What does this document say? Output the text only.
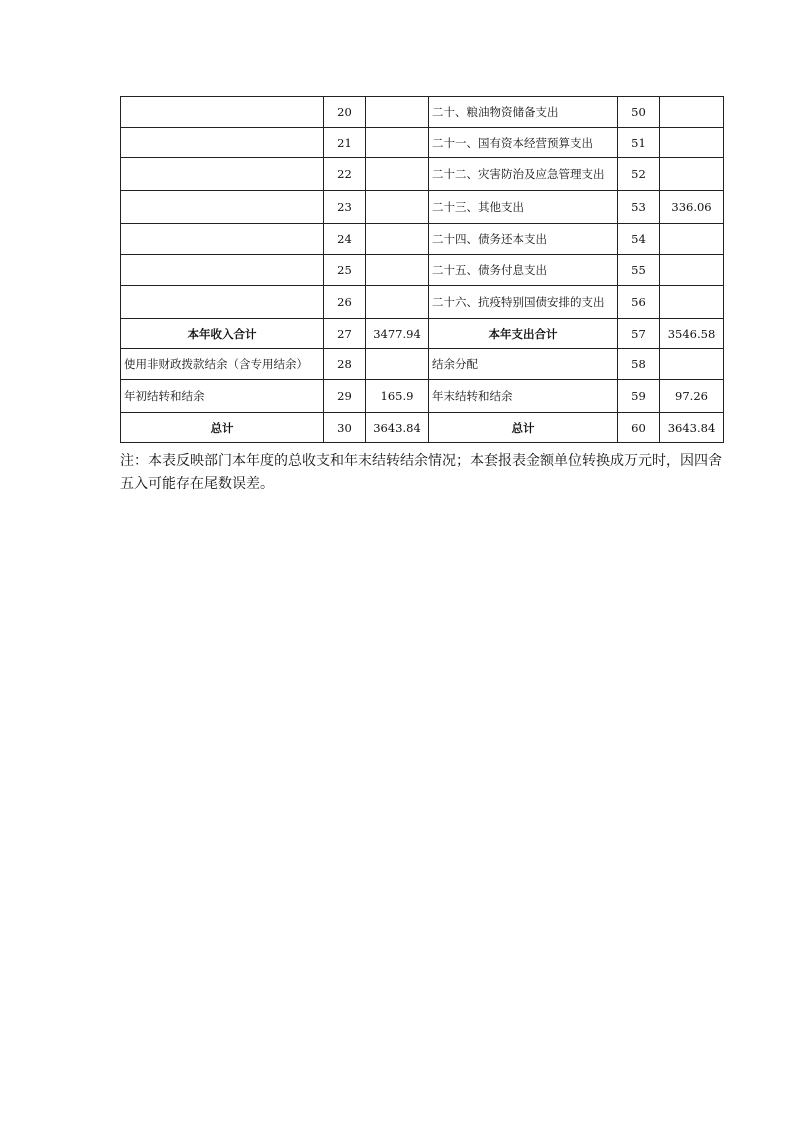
	20		二十、粮油物资储备支出	50	
	21		二十一、国有资本经营预算支出	51	
	22		二十二、灾害防治及应急管理支出	52	
	23		二十三、其他支出	53	336.06
	24		二十四、债务还本支出	54	
	25		二十五、债务付息支出	55	
	26		二十六、抗疫特别国债安排的支出	56	
本年收入合计	27	3477.94	本年支出合计	57	3546.58
使用非财政拨款结余（含专用结余）	28		结余分配	58	
年初结转和结余	29	165.9	年末结转和结余	59	97.26
总计	30	3643.84	总计	60	3643.84
注：本表反映部门本年度的总收支和年末结转结余情况；本套报表金额单位转换成万元时，因四舍五入可能存在尾数误差。
